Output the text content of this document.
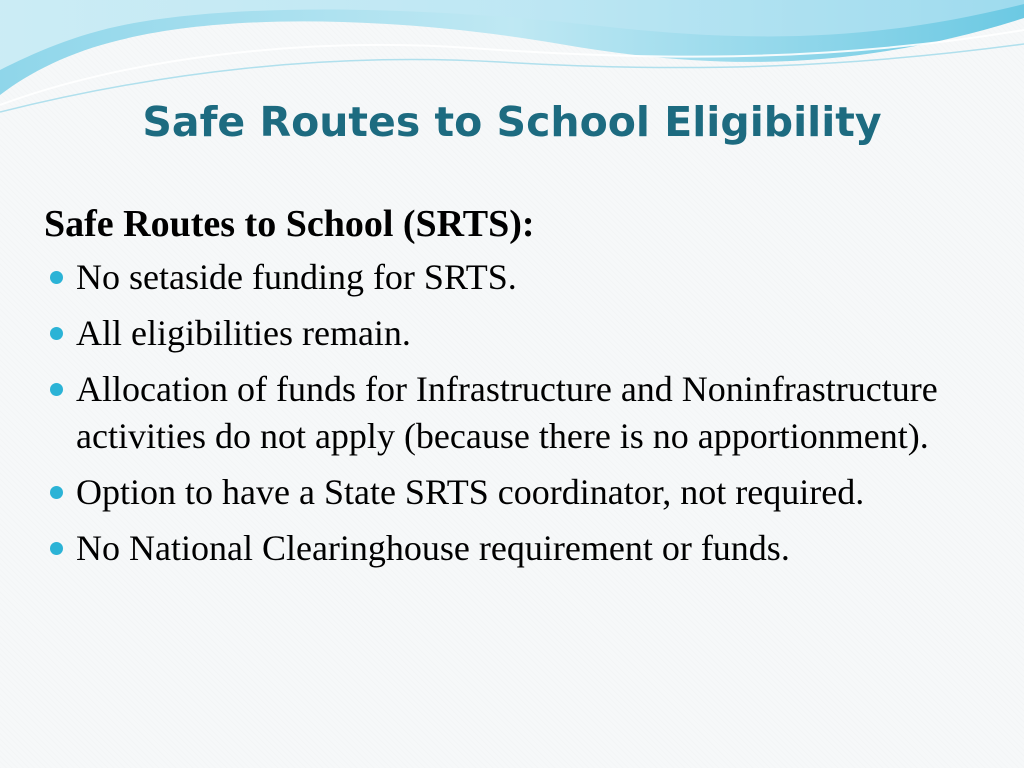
Safe Routes to School Eligibility
Safe Routes to School (SRTS):
No setaside funding for SRTS.
All eligibilities remain.
Allocation of funds for Infrastructure and Noninfrastructure activities do not apply (because there is no apportionment).
Option to have a State SRTS coordinator, not required.
No National Clearinghouse requirement or funds.
